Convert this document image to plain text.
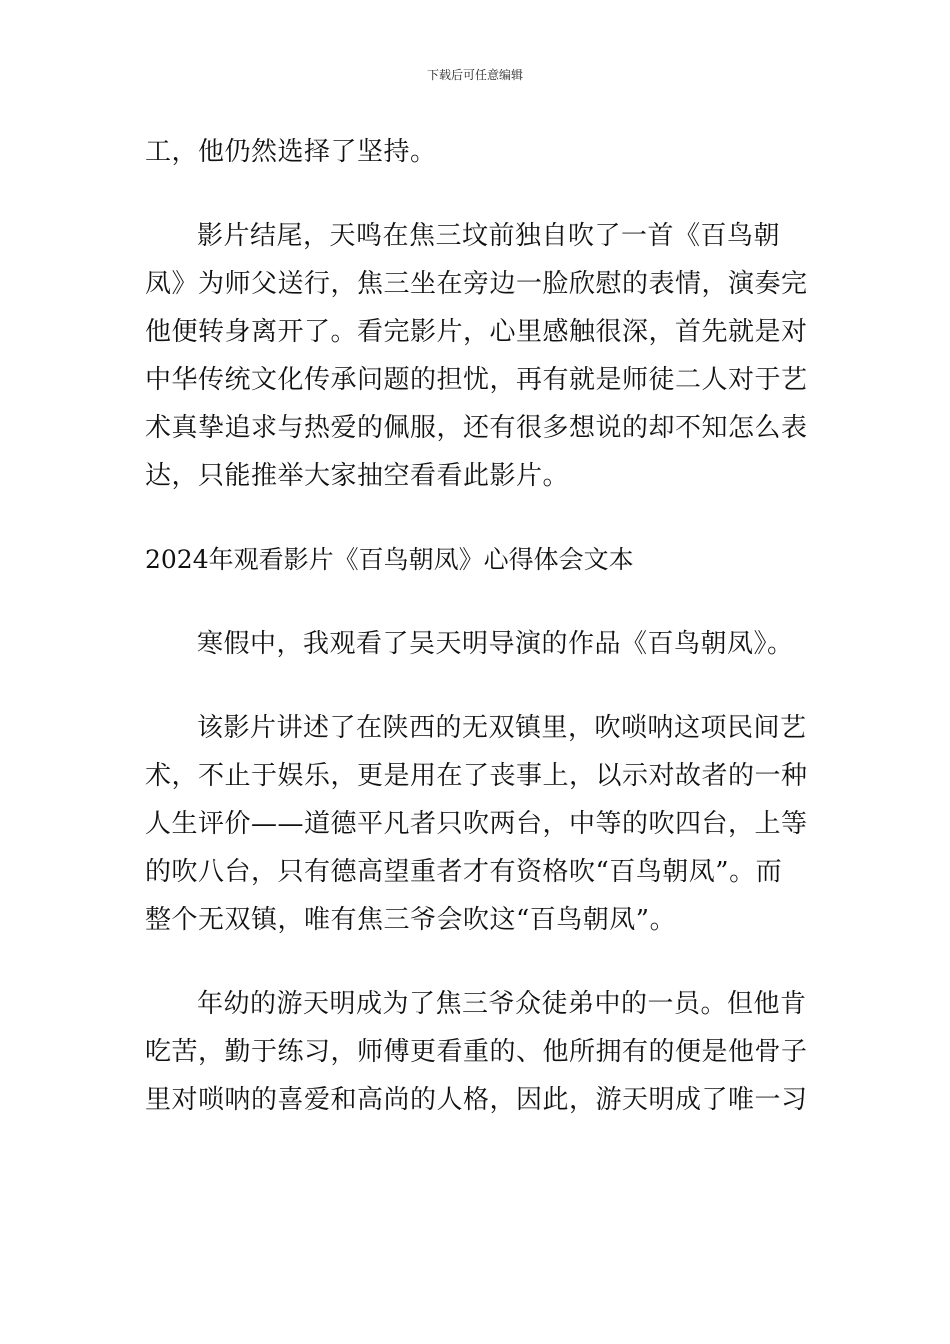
下载后可任意编辑

工，他仍然选择了坚持。

影片结尾，天鸣在焦三坟前独自吹了一首《百鸟朝
凤》为师父送行，焦三坐在旁边一脸欣慰的表情，演奏完
他便转身离开了。看完影片，心里感触很深，首先就是对
中华传统文化传承问题的担忧，再有就是师徒二人对于艺
术真挚追求与热爱的佩服，还有很多想说的却不知怎么表
达，只能推举大家抽空看看此影片。

2024年观看影片《百鸟朝凤》心得体会文本

寒假中，我观看了吴天明导演的作品《百鸟朝凤》。

该影片讲述了在陕西的无双镇里，吹唢呐这项民间艺
术，不止于娱乐，更是用在了丧事上，以示对故者的一种
人生评价——道德平凡者只吹两台，中等的吹四台，上等
的吹八台，只有德高望重者才有资格吹“百鸟朝凤”。而
整个无双镇，唯有焦三爷会吹这“百鸟朝凤”。

年幼的游天明成为了焦三爷众徒弟中的一员。但他肯
吃苦，勤于练习，师傅更看重的、他所拥有的便是他骨子
里对唢呐的喜爱和高尚的人格，因此，游天明成了唯一习
